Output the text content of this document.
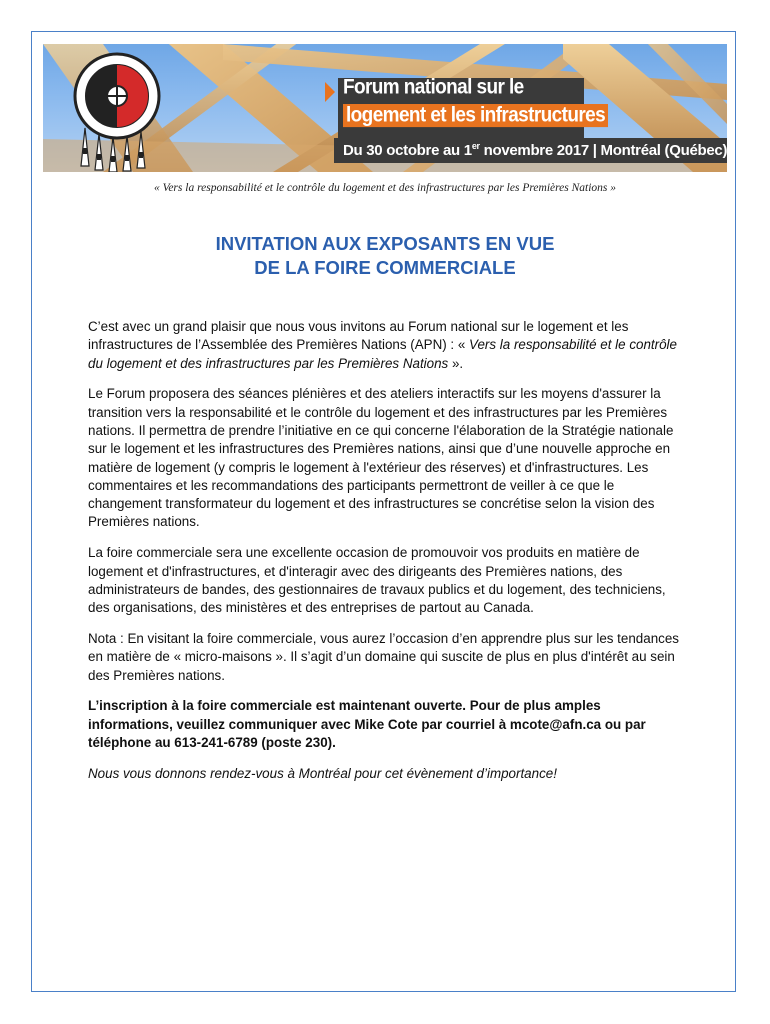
Forum national sur le
logement et les infrastructures
Du 30 octobre au 1er novembre 2017 | Montréal (Québec)
« Vers la responsabilité et le contrôle du logement et des infrastructures par les Premières Nations »
INVITATION AUX EXPOSANTS EN VUE
DE LA FOIRE COMMERCIALE

C’est avec un grand plaisir que nous vous invitons au Forum national sur le logement et les infrastructures de l’Assemblée des Premières Nations (APN) : « Vers la responsabilité et le contrôle du logement et des infrastructures par les Premières Nations ».

Le Forum proposera des séances plénières et des ateliers interactifs sur les moyens d'assurer la transition vers la responsabilité et le contrôle du logement et des infrastructures par les Premières nations. Il permettra de prendre l’initiative en ce qui concerne l'élaboration de la Stratégie nationale sur le logement et les infrastructures des Premières nations, ainsi que d’une nouvelle approche en matière de logement (y compris le logement à l'extérieur des réserves) et d'infrastructures. Les commentaires et les recommandations des participants permettront de veiller à ce que le changement transformateur du logement et des infrastructures se concrétise selon la vision des Premières nations.

La foire commerciale sera une excellente occasion de promouvoir vos produits en matière de logement et d'infrastructures, et d'interagir avec des dirigeants des Premières nations, des administrateurs de bandes, des gestionnaires de travaux publics et du logement, des techniciens, des organisations, des ministères et des entreprises de partout au Canada.

Nota : En visitant la foire commerciale, vous aurez l’occasion d’en apprendre plus sur les tendances en matière de « micro-maisons ». Il s’agit d’un domaine qui suscite de plus en plus d'intérêt au sein des Premières nations.

L’inscription à la foire commerciale est maintenant ouverte. Pour de plus amples informations, veuillez communiquer avec Mike Cote par courriel à mcote@afn.ca ou par téléphone au 613-241-6789 (poste 230).

Nous vous donnons rendez-vous à Montréal pour cet évènement d’importance!
